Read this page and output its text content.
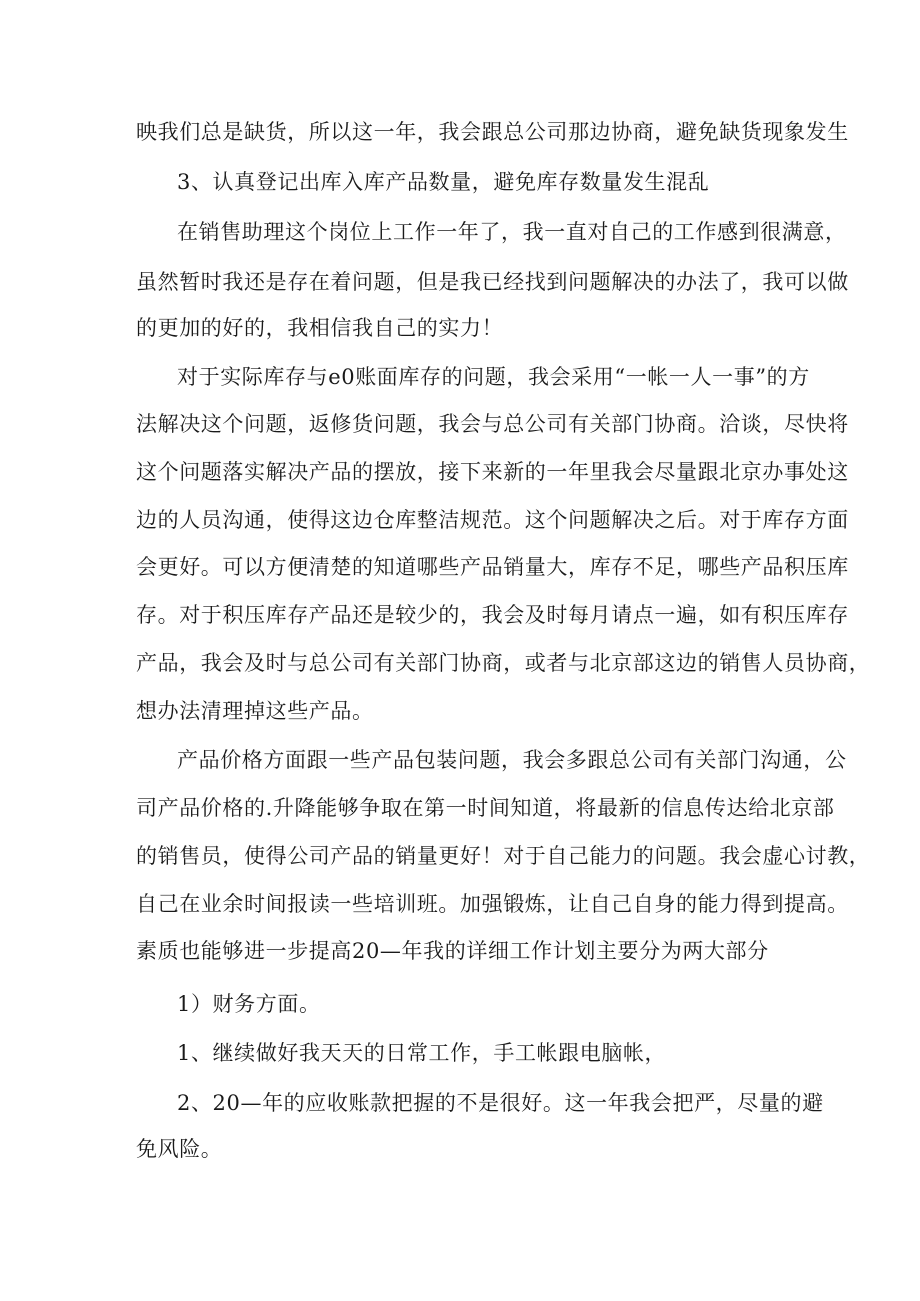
映我们总是缺货，所以这一年，我会跟总公司那边协商，避免缺货现象发生
3、认真登记出库入库产品数量，避免库存数量发生混乱
在销售助理这个岗位上工作一年了，我一直对自己的工作感到很满意，
虽然暂时我还是存在着问题，但是我已经找到问题解决的办法了，我可以做
的更加的好的，我相信我自己的实力！
对于实际库存与e0账面库存的问题，我会采用“一帐一人一事”的方
法解决这个问题，返修货问题，我会与总公司有关部门协商。洽谈，尽快将
这个问题落实解决产品的摆放，接下来新的一年里我会尽量跟北京办事处这
边的人员沟通，使得这边仓库整洁规范。这个问题解决之后。对于库存方面
会更好。可以方便清楚的知道哪些产品销量大，库存不足，哪些产品积压库
存。对于积压库存产品还是较少的，我会及时每月请点一遍，如有积压库存
产品，我会及时与总公司有关部门协商，或者与北京部这边的销售人员协商，
想办法清理掉这些产品。
产品价格方面跟一些产品包装问题，我会多跟总公司有关部门沟通，公
司产品价格的.升降能够争取在第一时间知道，将最新的信息传达给北京部
的销售员，使得公司产品的销量更好！对于自己能力的问题。我会虚心讨教，
自己在业余时间报读一些培训班。加强锻炼，让自己自身的能力得到提高。
素质也能够进一步提高20—年我的详细工作计划主要分为两大部分
1）财务方面。
1、继续做好我天天的日常工作，手工帐跟电脑帐，
2、20—年的应收账款把握的不是很好。这一年我会把严，尽量的避
免风险。
